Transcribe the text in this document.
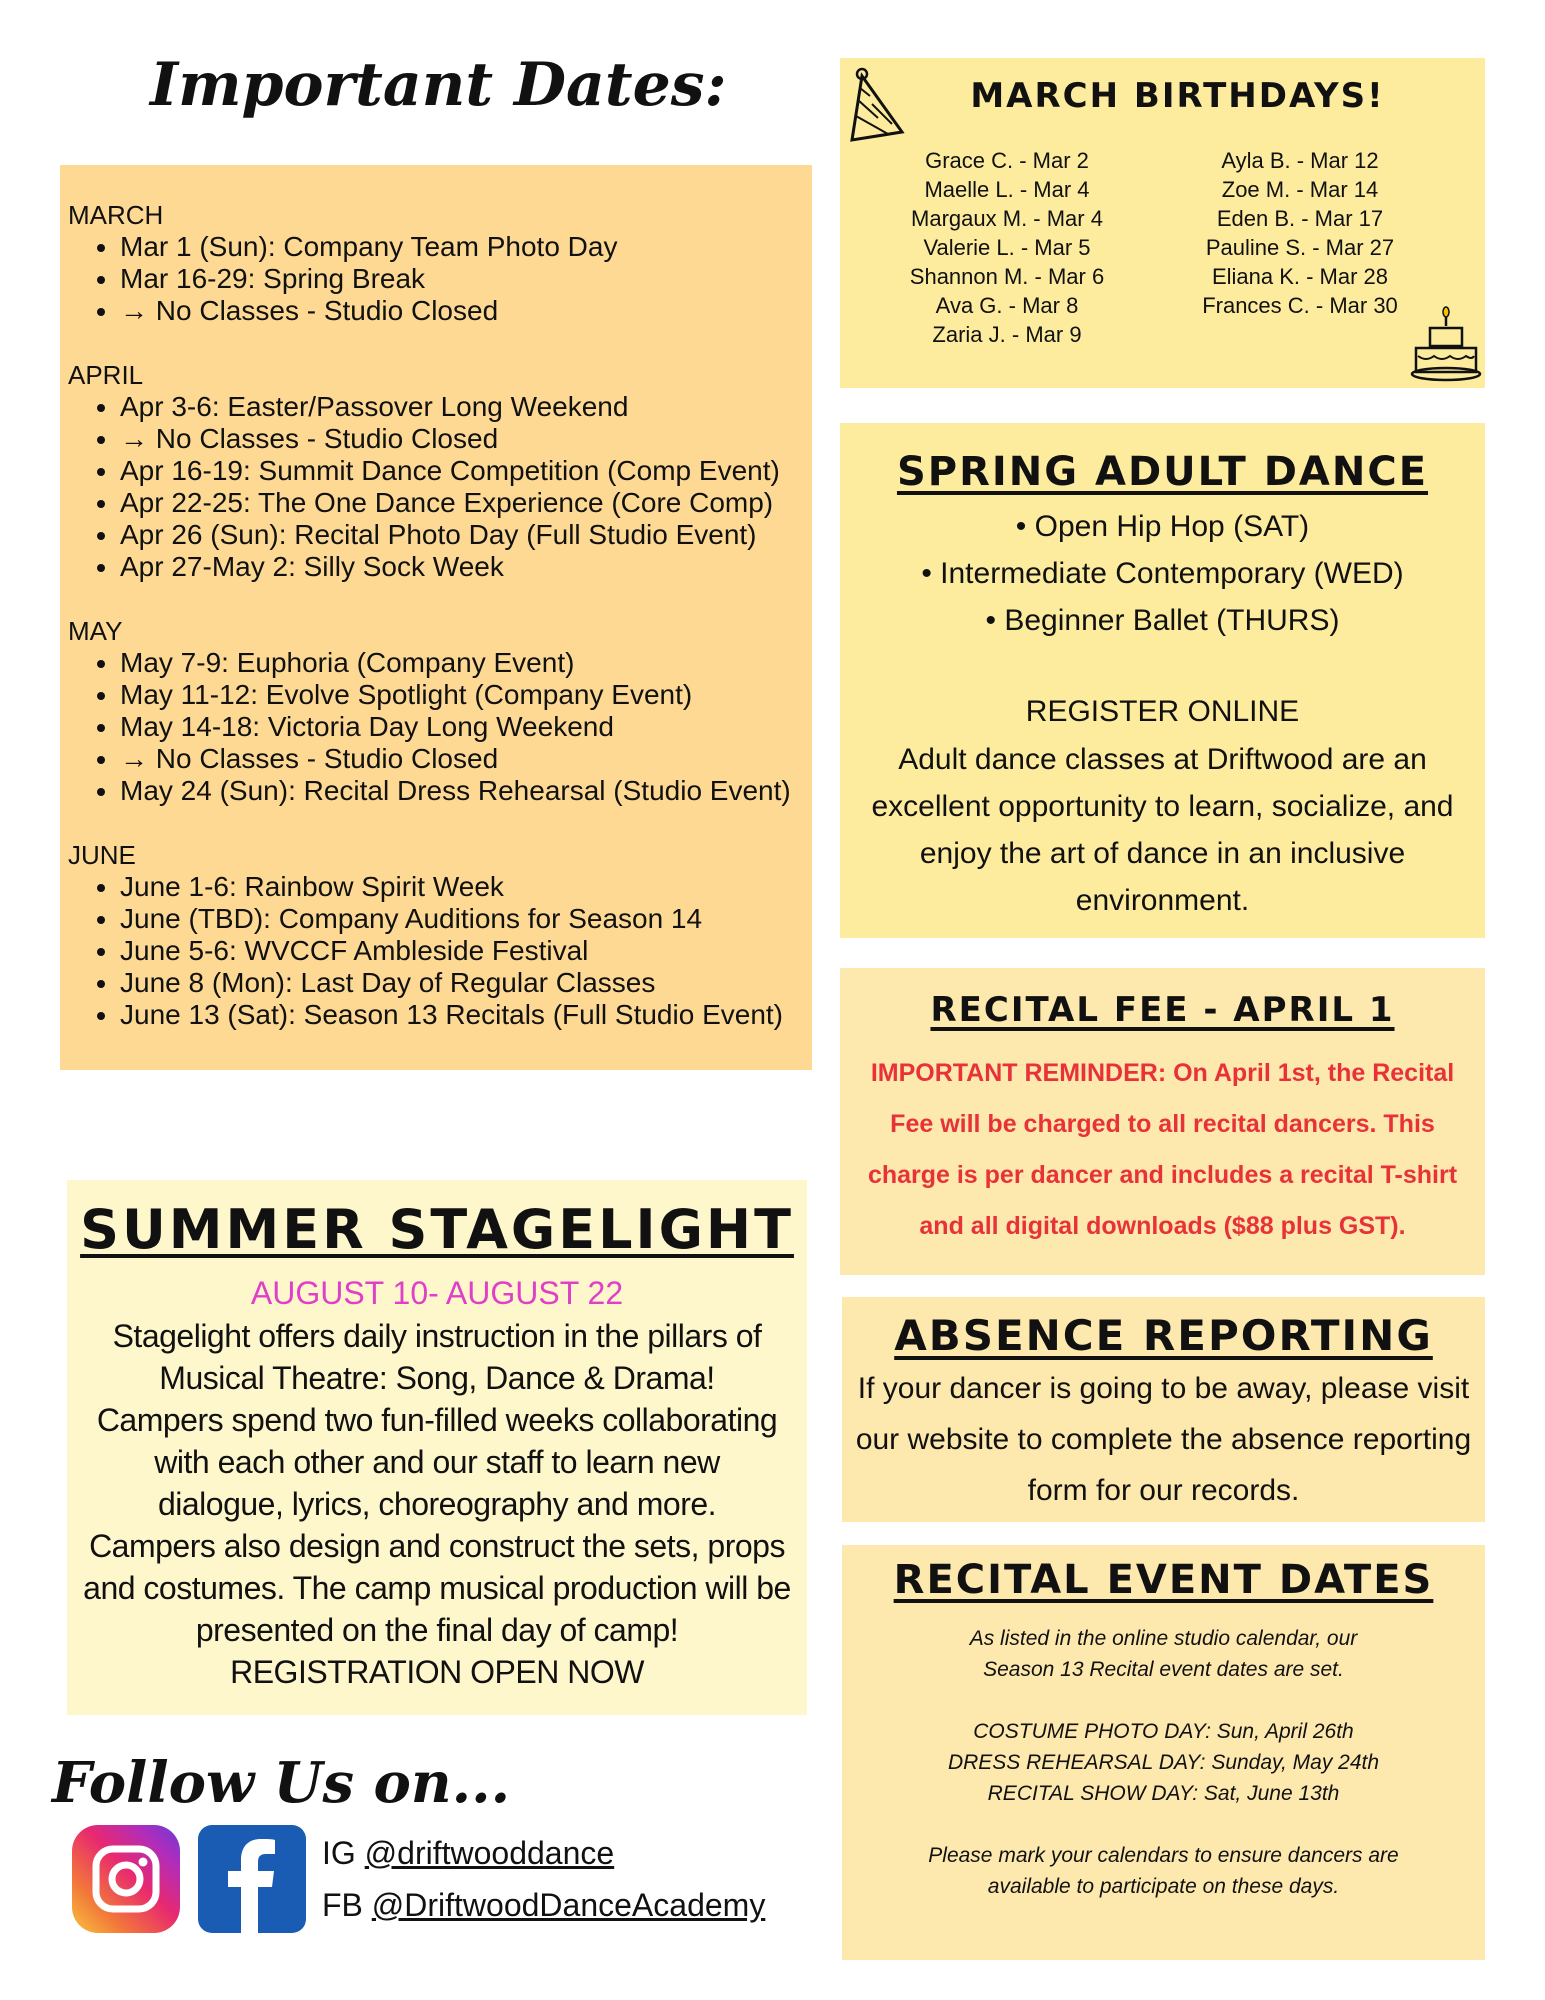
Important Dates:
MARCH
• Mar 1 (Sun): Company Team Photo Day
• Mar 16-29: Spring Break
• → No Classes - Studio Closed
APRIL
• Apr 3-6: Easter/Passover Long Weekend
• → No Classes - Studio Closed
• Apr 16-19: Summit Dance Competition (Comp Event)
• Apr 22-25: The One Dance Experience (Core Comp)
• Apr 26 (Sun): Recital Photo Day (Full Studio Event)
• Apr 27-May 2: Silly Sock Week
MAY
• May 7-9: Euphoria (Company Event)
• May 11-12: Evolve Spotlight (Company Event)
• May 14-18: Victoria Day Long Weekend
• → No Classes - Studio Closed
• May 24 (Sun): Recital Dress Rehearsal (Studio Event)
JUNE
• June 1-6: Rainbow Spirit Week
• June (TBD): Company Auditions for Season 14
• June 5-6: WVCCF Ambleside Festival
• June 8 (Mon): Last Day of Regular Classes
• June 13 (Sat): Season 13 Recitals (Full Studio Event)
MARCH BIRTHDAYS!
Grace C. - Mar 2
Maelle L. - Mar 4
Margaux M. - Mar 4
Valerie L. - Mar 5
Shannon M. - Mar 6
Ava G. - Mar 8
Zaria J. - Mar 9
Ayla B. - Mar 12
Zoe M. - Mar 14
Eden B. - Mar 17
Pauline S. - Mar 27
Eliana K. - Mar 28
Frances C. - Mar 30
SPRING ADULT DANCE
• Open Hip Hop (SAT)
• Intermediate Contemporary (WED)
• Beginner Ballet (THURS)
REGISTER ONLINE
Adult dance classes at Driftwood are an excellent opportunity to learn, socialize, and enjoy the art of dance in an inclusive environment.
RECITAL FEE - APRIL 1
IMPORTANT REMINDER: On April 1st, the Recital Fee will be charged to all recital dancers. This charge is per dancer and includes a recital T-shirt and all digital downloads ($88 plus GST).
ABSENCE REPORTING
If your dancer is going to be away, please visit our website to complete the absence reporting form for our records.
RECITAL EVENT DATES

As listed in the online studio calendar, our Season 13 Recital event dates are set.

COSTUME PHOTO DAY: Sun, April 26th
DRESS REHEARSAL DAY: Sunday, May 24th
RECITAL SHOW DAY: Sat, June 13th

Please mark your calendars to ensure dancers are available to participate on these days.

SUMMER STAGELIGHT
AUGUST 10- AUGUST 22
Stagelight offers daily instruction in the pillars of
Musical Theatre: Song, Dance & Drama!
Campers spend two fun-filled weeks collaborating
with each other and our staff to learn new
dialogue, lyrics, choreography and more.
Campers also design and construct the sets, props
and costumes. The camp musical production will be
presented on the final day of camp!
REGISTRATION OPEN NOW
Follow Us on...
IG @driftwooddance
FB @DriftwoodDanceAcademy
